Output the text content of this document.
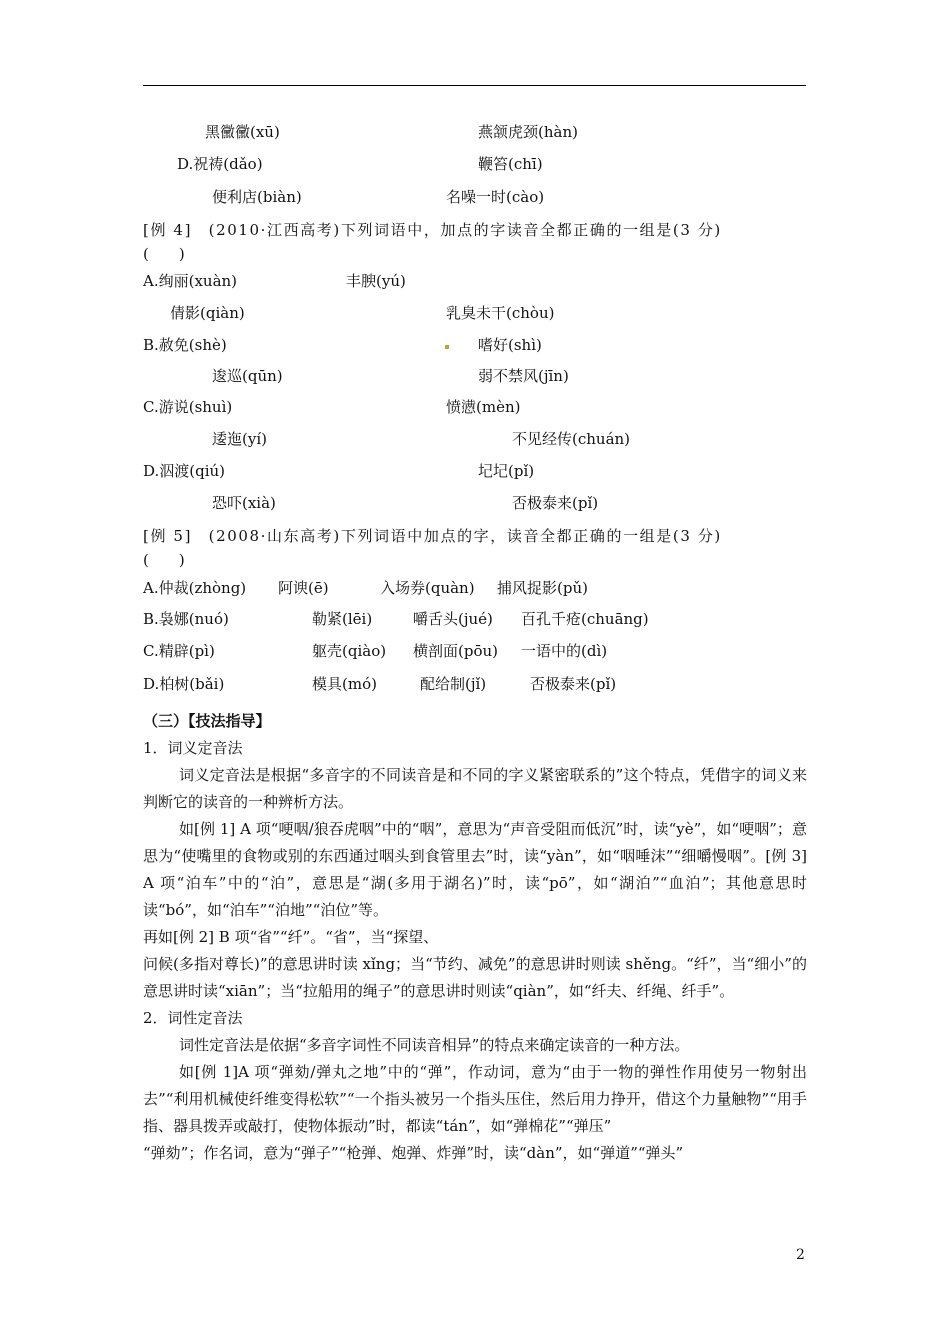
黑黴黴(xū)	燕颔虎颈(hàn)
D.祝祷(dǎo)	鞭笞(chī)
便利店(biàn)	名噪一时(cào)
[例 4]　(2010·江西高考)下列词语中，加点的字读音全都正确的一组是(3 分)
(　　)
A.绚丽(xuàn)	丰腴(yú)
倩影(qiàn)	乳臭未干(chòu)
B.赦免(shè)	嗜好(shì)
逡巡(qūn)	弱不禁风(jīn)
C.游说(shuì)	愤懑(mèn)
逶迤(yí)	不见经传(chuán)
D.泅渡(qiú)	圮圮(pǐ)
恐吓(xià)	否极泰来(pǐ)
[例 5]　(2008·山东高考)下列词语中加点的字，读音全都正确的一组是(3 分)
(　　)
A.仲裁(zhòng) 阿谀(ē)	入场券(quàn) 捕风捉影(pǔ)
B.袅娜(nuó)	勒紧(lēi)	嚼舌头(jué) 百孔千疮(chuāng)
C.精辟(pì)	躯壳(qiào) 横剖面(pōu) 一语中的(dì)
D.柏树(bǎi)	模具(mó)	配给制(jǐ)	否极泰来(pǐ)

（三）【技法指导】

1．词义定音法

词义定音法是根据“多音字的不同读音是和不同的字义紧密联系的”这个特点，凭借字的词义来判断它的读音的一种辨析方法。

如[例 1] A 项“哽咽/狼吞虎咽”中的“咽”，意思为“声音受阻而低沉”时，读“yè”，如“哽咽”；意思为“使嘴里的食物或别的东西通过咽头到食管里去”时，读“yàn”，如“咽唾沫”“细嚼慢咽”。[例 3] A 项“泊车”中的“泊”，意思是“湖(多用于湖名)”时，读“pō”，如“湖泊”“血泊”；其他意思时读“bó”，如“泊车”“泊地”“泊位”等。

再如[例 2] B 项“省”“纤”。“省”，当“探望、

问候(多指对尊长)”的意思讲时读 xǐng；当“节约、减免”的意思讲时则读 shěng。“纤”，当“细小”的意思讲时读“xiān”；当“拉船用的绳子”的意思讲时则读“qiàn”，如“纤夫、纤绳、纤手”。

2．词性定音法

词性定音法是依据“多音字词性不同读音相异”的特点来确定读音的一种方法。

如[例 1]A 项“弹劾/弹丸之地”中的“弹”，作动词，意为“由于一物的弹性作用使另一物射出去”“利用机械使纤维变得松软”“一个指头被另一个指头压住，然后用力挣开，借这个力量触物”“用手指、器具拨弄或敲打，使物体振动”时，都读“tán”，如“弹棉花”“弹压”

“弹劾”；作名词，意为“弹子”“枪弹、炮弹、炸弹”时，读“dàn”，如“弹道”“弹头”

2
